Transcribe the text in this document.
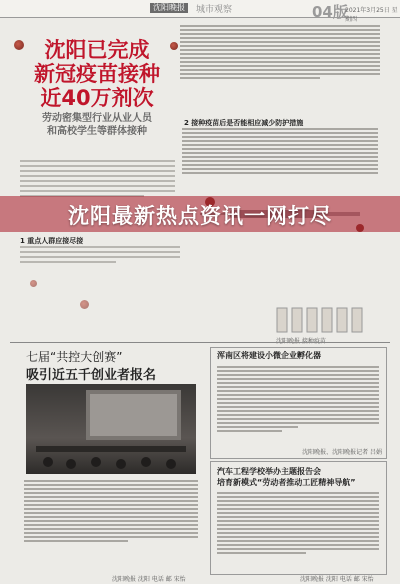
沈阳晚报	城市观察	04版
2021年3月25日 星期四
沈阳已完成
新冠疫苗接种
近40万剂次
劳动密集型行业从业人员
和高校学生等群体接种
2 接种疫苗后是否能相应减少防护措施
1 重点人群应接尽接
沈阳最新热点资讯一网打尽
七届“共控大创赛”
吸引近五千创业者报名
沈阳晚报 沈阳 电话 邮 宋怡
浑南区将建设小微企业孵化器
沈阳晚报、沈阳晚报记者 吕娟
汽车工程学校举办主题报告会
培育新模式“劳动者推动工匠精神导航”
沈阳晚报 沈阳 电话 邮 宋怡
